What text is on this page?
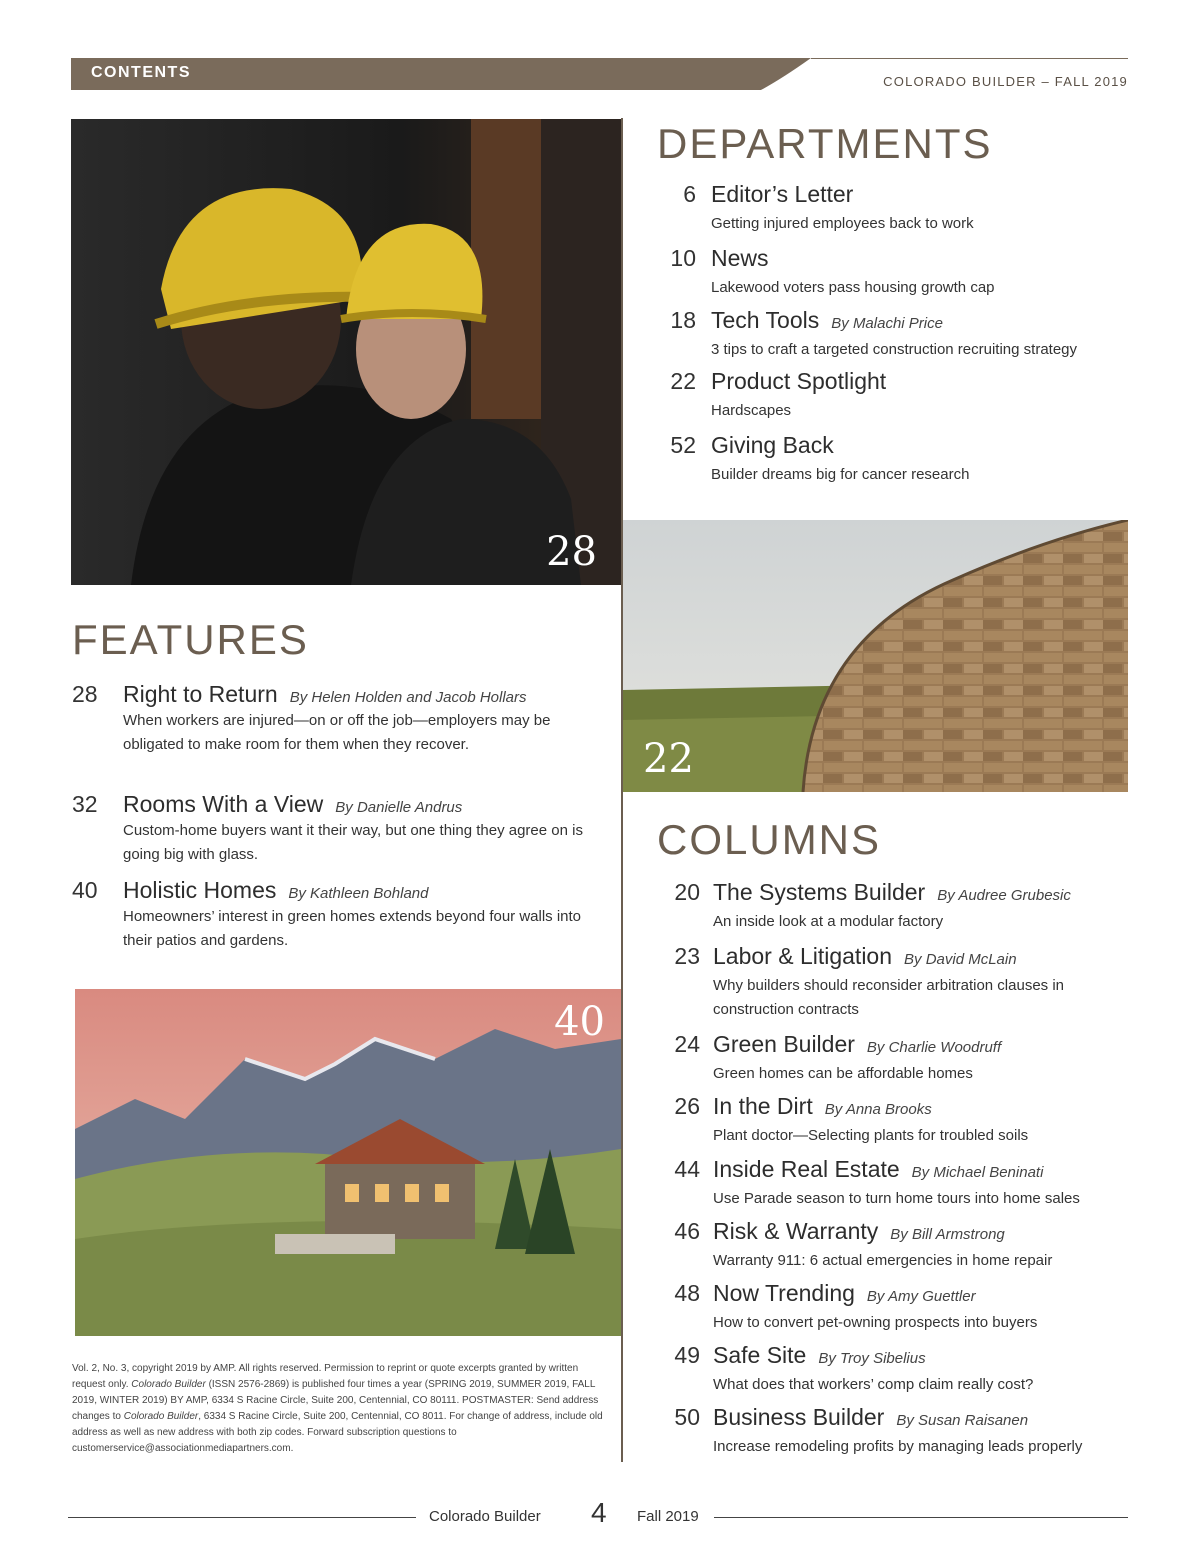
CONTENTS
COLORADO BUILDER – FALL 2019
28
22
40
DEPARTMENTS
6 Editor’s Letter
Getting injured employees back to work
10 News
Lakewood voters pass housing growth cap
18 Tech Tools By Malachi Price
3 tips to craft a targeted construction recruiting strategy
22 Product Spotlight
Hardscapes
52 Giving Back
Builder dreams big for cancer research
FEATURES
28	Right to Return By Helen Holden and Jacob Hollars
When workers are injured—on or off the job—employers may be obligated to make room for them when they recover.
32	Rooms With a View By Danielle Andrus
Custom-home buyers want it their way, but one thing they agree on is going big with glass.
40	Holistic Homes By Kathleen Bohland
Homeowners’ interest in green homes extends beyond four walls into their patios and gardens.
COLUMNS
20 The Systems Builder By Audree Grubesic
An inside look at a modular factory
23 Labor & Litigation By David McLain
Why builders should reconsider arbitration clauses in construction contracts
24 Green Builder By Charlie Woodruff
Green homes can be affordable homes
26 In the Dirt By Anna Brooks
Plant doctor—Selecting plants for troubled soils
44 Inside Real Estate By Michael Beninati
Use Parade season to turn home tours into home sales
46 Risk & Warranty By Bill Armstrong
Warranty 911: 6 actual emergencies in home repair
48 Now Trending By Amy Guettler
How to convert pet-owning prospects into buyers
49 Safe Site By Troy Sibelius
What does that workers’ comp claim really cost?
50 Business Builder By Susan Raisanen
Increase remodeling profits by managing leads properly
Vol. 2, No. 3, copyright 2019 by AMP. All rights reserved. Permission to reprint or quote excerpts granted by written request only. Colorado Builder (ISSN 2576-2869) is published four times a year (SPRING 2019, SUMMER 2019, FALL 2019, WINTER 2019) BY AMP, 6334 S Racine Circle, Suite 200, Centennial, CO 80111. POSTMASTER: Send address changes to Colorado Builder, 6334 S Racine Circle, Suite 200, Centennial, CO 8011. For change of address, include old address as well as new address with both zip codes. Forward subscription questions to customerservice@associationmediapartners.com.
Colorado Builder 4 Fall 2019
